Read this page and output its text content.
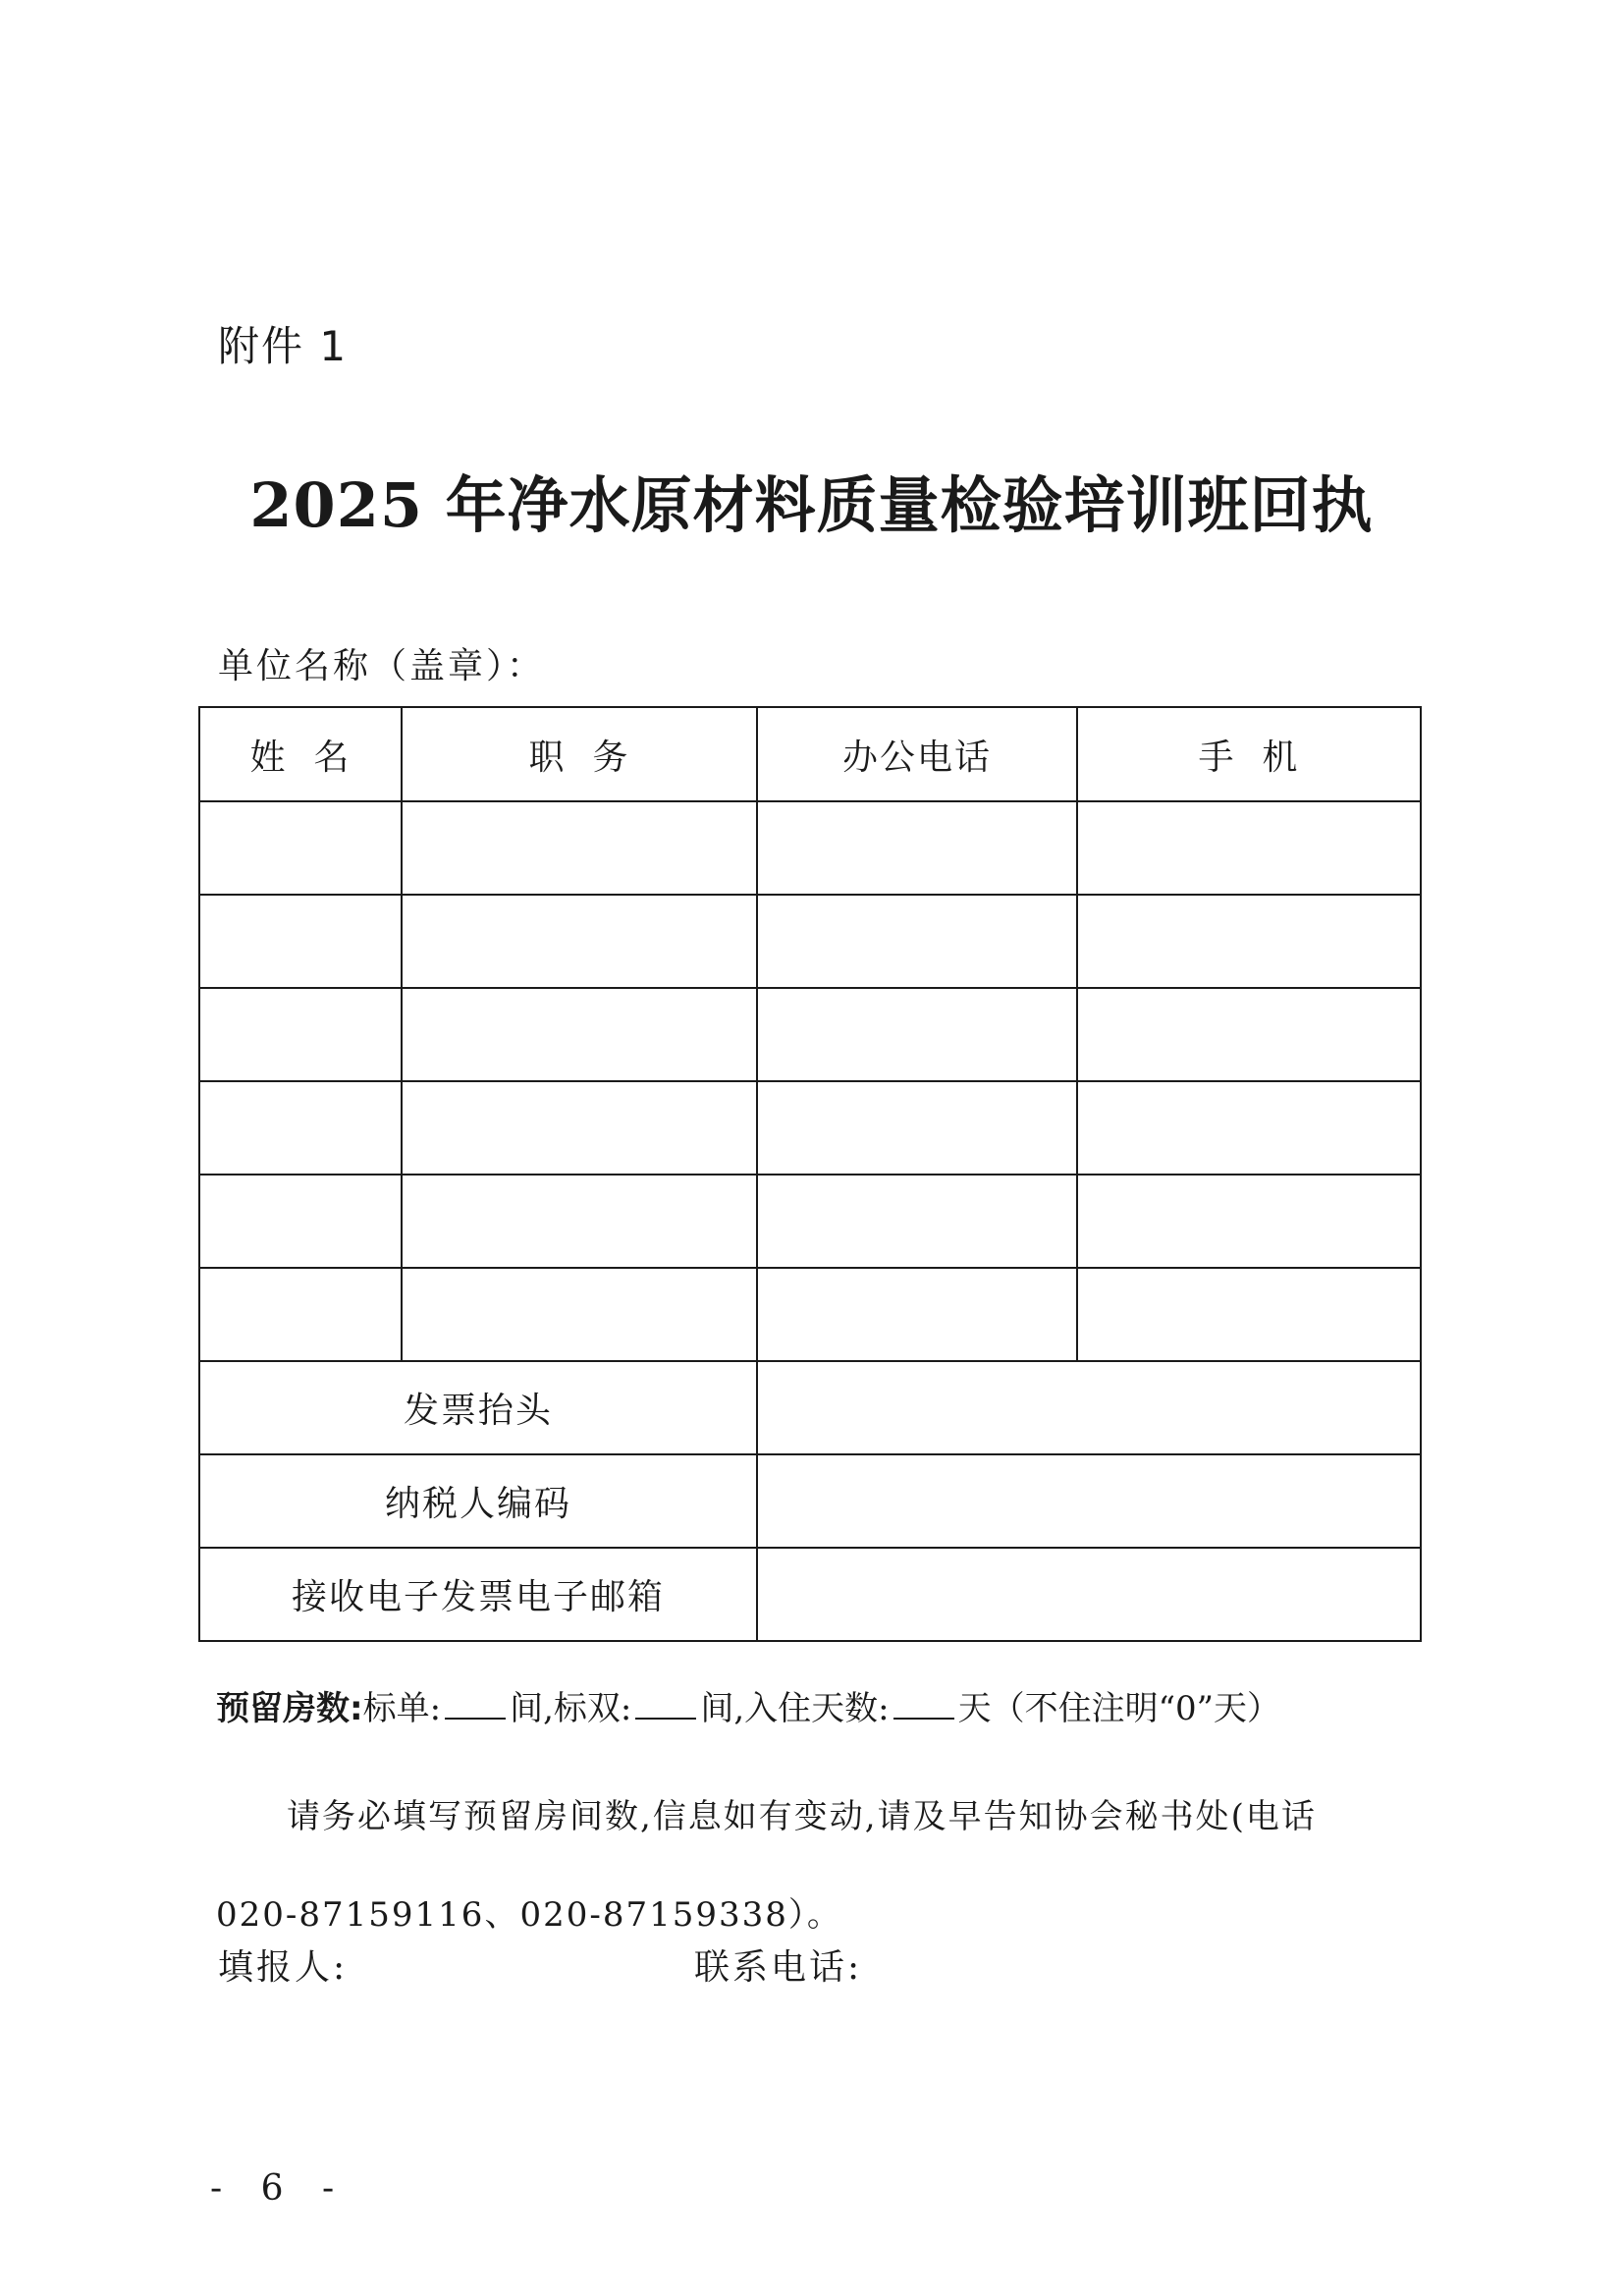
附件 1
2025 年净水原材料质量检验培训班回执
单位名称（盖章）：
姓  名	职  务	办公电话	手  机

发票抬头			
纳税人编码			
接收电子发票电子邮箱			
预留房数:标单: 间,标双: 间,入住天数: 天（不住注明“0”天）
请务必填写预留房间数,信息如有变动,请及早告知协会秘书处(电话 020-87159116、020-87159338）。
填报人:	联系电话:
- 6 -
